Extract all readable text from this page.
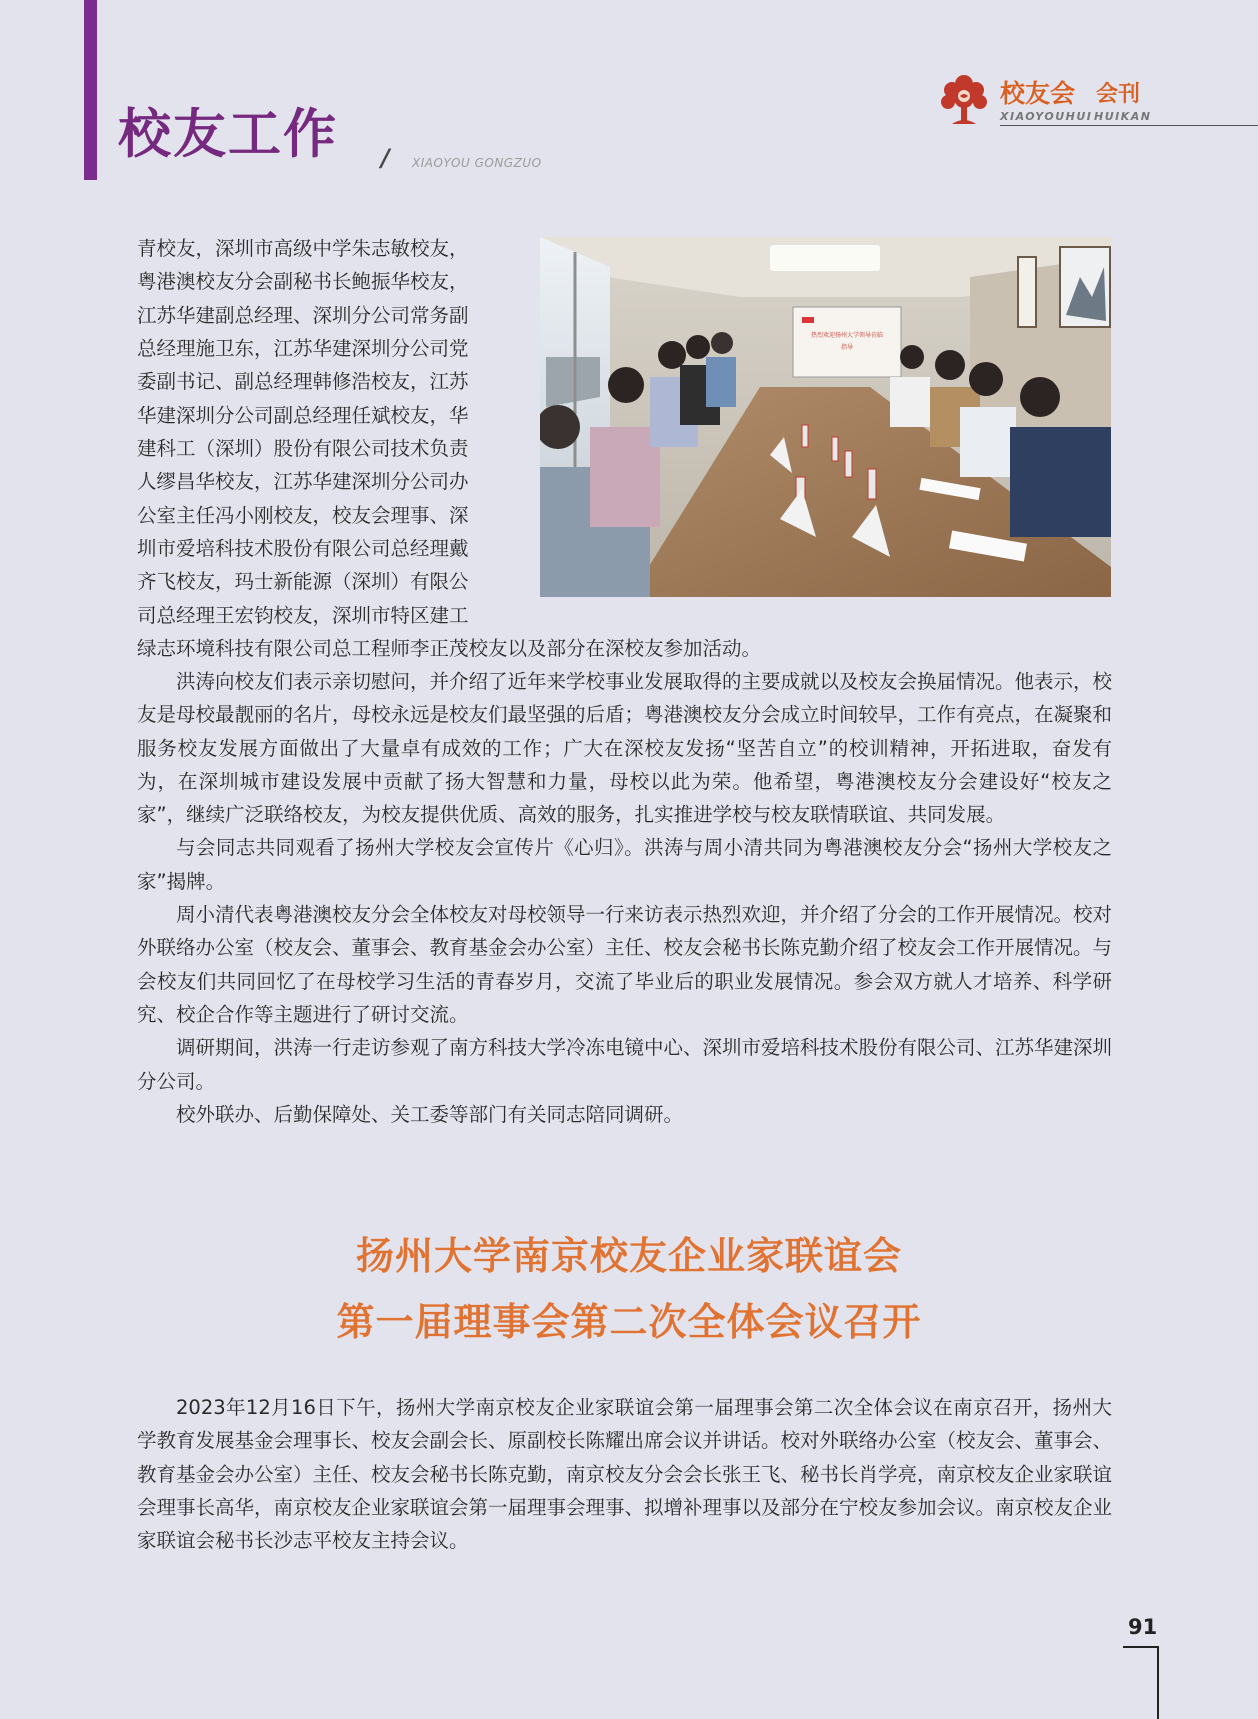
校友工作 / XIAOYOU GONGZUO
校友会 会刊
XIAOYOUHUI HUIKAN
热烈欢迎扬州大学领导莅临
指导
青校友，深圳市高级中学朱志敏校友，
粤港澳校友分会副秘书长鲍振华校友，
江苏华建副总经理、深圳分公司常务副
总经理施卫东，江苏华建深圳分公司党
委副书记、副总经理韩修浩校友，江苏
华建深圳分公司副总经理任斌校友，华
建科工（深圳）股份有限公司技术负责
人缪昌华校友，江苏华建深圳分公司办
公室主任冯小刚校友，校友会理事、深
圳市爱培科技术股份有限公司总经理戴
齐飞校友，玛士新能源（深圳）有限公
司总经理王宏钧校友，深圳市特区建工
绿志环境科技有限公司总工程师李正茂校友以及部分在深校友参加活动。

洪涛向校友们表示亲切慰问，并介绍了近年来学校事业发展取得的主要成就以及校友会换届情况。他表示，校友是母校最靓丽的名片，母校永远是校友们最坚强的后盾；粤港澳校友分会成立时间较早，工作有亮点，在凝聚和服务校友发展方面做出了大量卓有成效的工作；广大在深校友发扬“坚苦自立”的校训精神，开拓进取，奋发有为，在深圳城市建设发展中贡献了扬大智慧和力量，母校以此为荣。他希望，粤港澳校友分会建设好“校友之家”，继续广泛联络校友，为校友提供优质、高效的服务，扎实推进学校与校友联情联谊、共同发展。

与会同志共同观看了扬州大学校友会宣传片《心归》。洪涛与周小清共同为粤港澳校友分会“扬州大学校友之家”揭牌。

周小清代表粤港澳校友分会全体校友对母校领导一行来访表示热烈欢迎，并介绍了分会的工作开展情况。校对外联络办公室（校友会、董事会、教育基金会办公室）主任、校友会秘书长陈克勤介绍了校友会工作开展情况。与会校友们共同回忆了在母校学习生活的青春岁月，交流了毕业后的职业发展情况。参会双方就人才培养、科学研究、校企合作等主题进行了研讨交流。

调研期间，洪涛一行走访参观了南方科技大学冷冻电镜中心、深圳市爱培科技术股份有限公司、江苏华建深圳分公司。

校外联办、后勤保障处、关工委等部门有关同志陪同调研。

扬州大学南京校友企业家联谊会
第一届理事会第二次全体会议召开

2023年12月16日下午，扬州大学南京校友企业家联谊会第一届理事会第二次全体会议在南京召开，扬州大学教育发展基金会理事长、校友会副会长、原副校长陈耀出席会议并讲话。校对外联络办公室（校友会、董事会、教育基金会办公室）主任、校友会秘书长陈克勤，南京校友分会会长张王飞、秘书长肖学亮，南京校友企业家联谊会理事长高华，南京校友企业家联谊会第一届理事会理事、拟增补理事以及部分在宁校友参加会议。南京校友企业家联谊会秘书长沙志平校友主持会议。

91
